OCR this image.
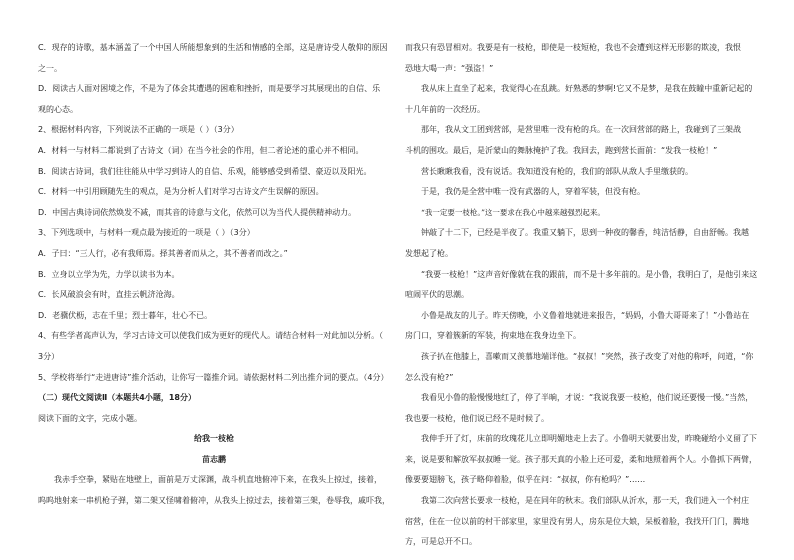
C．现存的诗歌，基本涵盖了一个中国人所能想象到的生活和情感的全部，这是唐诗受人敬仰的原因

之一。

D．阅读古人面对困境之作，不是为了体会其遭遇的困难和挫折，而是要学习其展现出的自信、乐

观的心态。

2、根据材料内容，下列说法不正确的一项是（ ）（3分）

A．材料一与材料二都说到了古诗文（词）在当今社会的作用，但二者论述的重心并不相同。

B．阅读古诗词，我们往往能从中学习到诗人的自信、乐观，能够感受到希望、豪迈以及阳光。

C．材料一中引用顾随先生的观点，是为分析人们对学习古诗文产生误解的原因。

D．中国古典诗词依然焕发不减，而其音的诗意与文化，依然可以为当代人提供精神动力。

3、下列选项中，与材料一观点最为接近的一项是（ ）（3分）

A．子曰：“三人行，必有我师焉。择其善者而从之，其不善者而改之。”

B．立身以立学为先，力学以读书为本。

C．长风破浪会有时，直挂云帆济沧海。

D．老骥伏枥，志在千里；烈士暮年，壮心不已。

4、有些学者高声认为，学习古诗文可以使我们成为更好的现代人。请结合材料一对此加以分析。（

3分）

5、学校将举行“走进唐诗”推介活动，让你写一篇推介词。请依据材料二列出推介词的要点。（4分）

（二）现代文阅读Ⅱ（本题共4小题，18分）

阅读下面的文字，完成小题。

给我一枝枪

苗志鹏

我赤手空拳，紧贴在地壁上，面前是万丈深渊，战斗机直地俯冲下来，在我头上掠过，接着，

呜呜地射来一串机枪子弹，第二架又怪啸着俯冲，从我头上掠过去，接着第三架，卷辱我，戚吓我，

而我只有恐冒相对。我要是有一枝枪，即使是一枝短枪，我也不会遭到这样无形影的欺凌，我恨

恐地大喝一声：“强盗！”

我从床上直坐了起来，我觉得心在乱跳。好熟悉的梦啊!它又不是梦，是我在鼓瞳中重新记起的

十几年前的一次经历。

那年，我从文工团到营部，是营里唯一没有枪的兵。在一次回营部的路上，我碰到了三架战

斗机的围攻。最后，是沂蒙山的舞脉掩护了我。我回去，跑到营长面前：“发我一枝枪！”

营长瞅瞅我看，没有说话。我知道没有枪的，我们的部队从敌人手里缴获的。

于是，我仍是全营中唯一没有武器的人，穿着军装，但没有枪。

“我一定要一枝枪。”这一要求在我心中越来越强烈起来。

钟敲了十二下，已经是半夜了。我重又躺下，思到一种夜的馨香，纯洁恬静，自由舒畅。我越

发想起了枪。

“我要一枝枪！”这声音好像就在我的跟前，而不是十多年前的。是小鲁，我明白了，是他引来这

喧闹平伏的思潮。

小鲁是战友的儿子。昨天傍晚，小义鲁着地就进来报告，“妈妈，小鲁大哥哥来了！”小鲁站在

房门口，穿着簇新的军装，拘束地在我身边坐下。

孩子扒在他膝上，喜嗽而又羡慕地端详他。“叔叔！”突然，孩子改变了对他的称呼，问道，“你

怎么没有枪?”

我看见小鲁的脸慢慢地红了，停了半晌，才说：“我说我要一枝枪，他们说还要慢一慢。”当然，

我也要一枝枪，他们说已经不是时候了。

我伸手开了灯，床前的玫瑰花儿立即明媚地走上去了。小鲁明天就要出发，昨晚碰给小义留了下

来，说是要和解放军叔叔睡一觉。孩子那天真的小脸上还可爱，柔和地照着两个人。小鲁抓下两臂，

像要要翅膀飞，孩子略仰着脸，似乎在问：“叔叔，你有枪吗？”……

我第二次向营长要求一枝枪，是在同年的秋末。我们部队从沂水，那一天，我们进入一个村庄

宿营，住在一位以前的村干部家里，家里没有男人，房东是位大娘，呆板着脸，我找开门门，腾地

方，可是总开不口。
